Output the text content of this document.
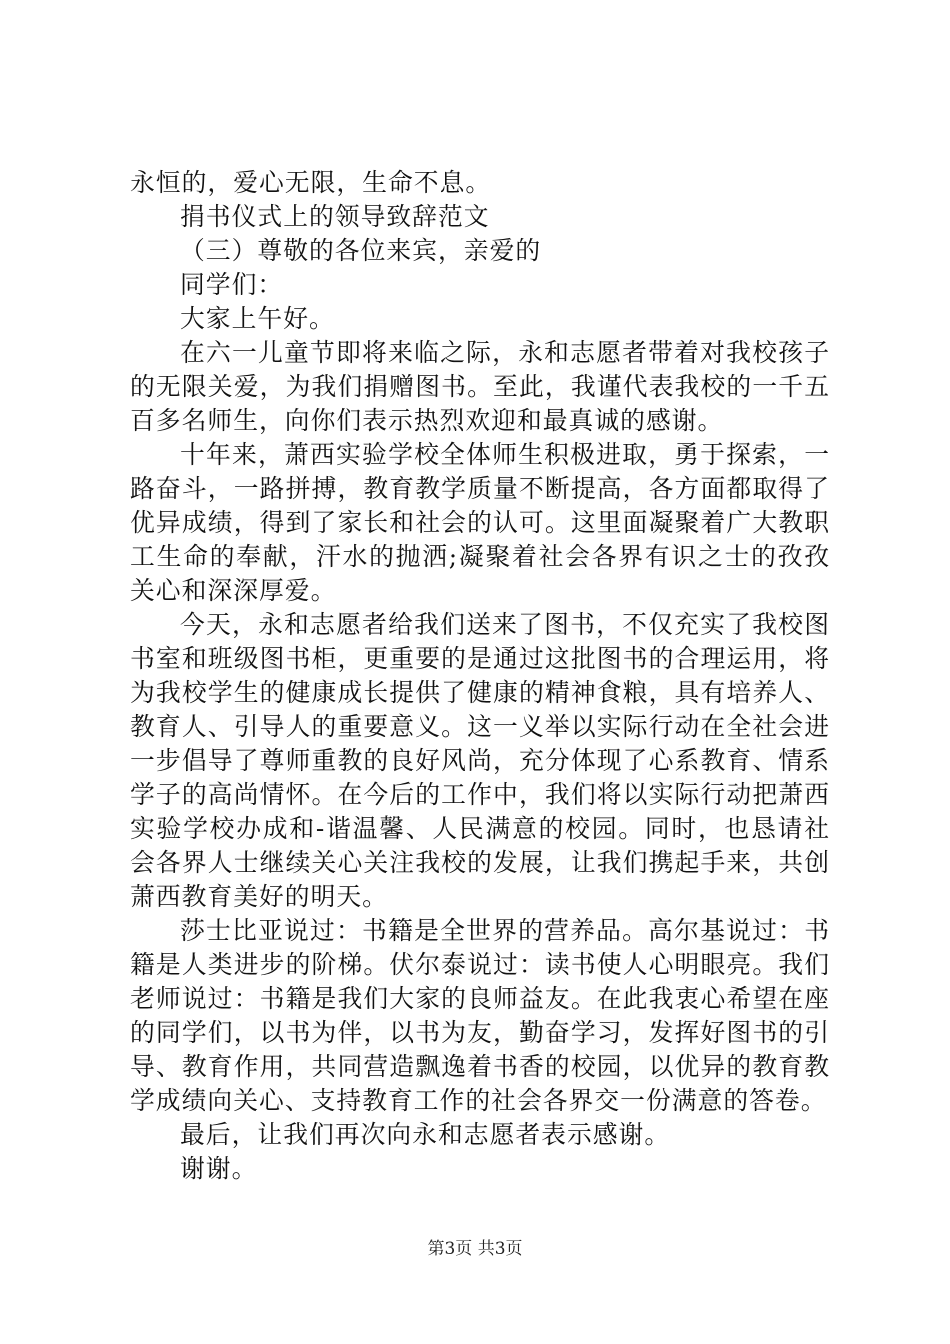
永恒的，爱心无限，生命不息。

捐书仪式上的领导致辞范文

（三）尊敬的各位来宾，亲爱的

同学们：

大家上午好。

在六一儿童节即将来临之际，永和志愿者带着对我校孩子的无限关爱，为我们捐赠图书。至此，我谨代表我校的一千五百多名师生，向你们表示热烈欢迎和最真诚的感谢。

十年来，萧西实验学校全体师生积极进取，勇于探索，一路奋斗，一路拼搏，教育教学质量不断提高，各方面都取得了优异成绩，得到了家长和社会的认可。这里面凝聚着广大教职工生命的奉献，汗水的抛洒;凝聚着社会各界有识之士的孜孜关心和深深厚爱。

今天，永和志愿者给我们送来了图书，不仅充实了我校图书室和班级图书柜，更重要的是通过这批图书的合理运用，将为我校学生的健康成长提供了健康的精神食粮，具有培养人、教育人、引导人的重要意义。这一义举以实际行动在全社会进一步倡导了尊师重教的良好风尚，充分体现了心系教育、情系学子的高尚情怀。在今后的工作中，我们将以实际行动把萧西实验学校办成和-谐温馨、人民满意的校园。同时，也恳请社会各界人士继续关心关注我校的发展，让我们携起手来，共创萧西教育美好的明天。

莎士比亚说过：书籍是全世界的营养品。高尔基说过：书籍是人类进步的阶梯。伏尔泰说过：读书使人心明眼亮。我们老师说过：书籍是我们大家的良师益友。在此我衷心希望在座的同学们，以书为伴，以书为友，勤奋学习，发挥好图书的引导、教育作用，共同营造飘逸着书香的校园，以优异的教育教学成绩向关心、支持教育工作的社会各界交一份满意的答卷。

最后，让我们再次向永和志愿者表示感谢。

谢谢。

第3页 共3页
